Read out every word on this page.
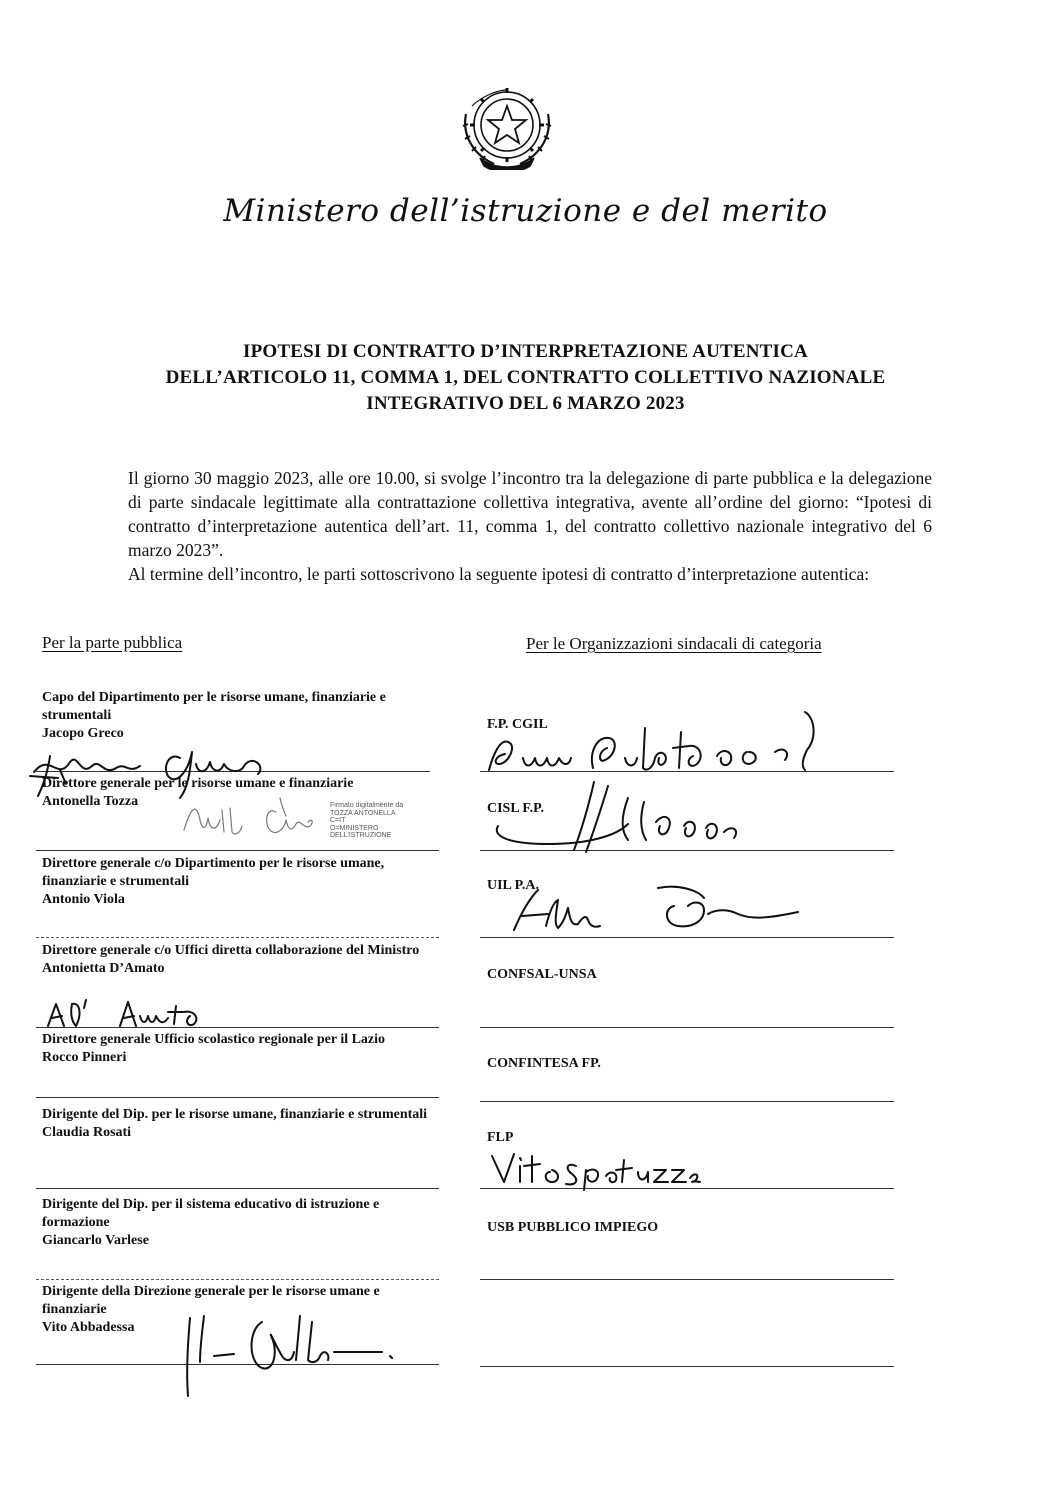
Ministero dell’istruzione e del merito
IPOTESI DI CONTRATTO D’INTERPRETAZIONE AUTENTICA
DELL’ARTICOLO 11, COMMA 1, DEL CONTRATTO COLLETTIVO NAZIONALE
INTEGRATIVO DEL 6 MARZO 2023

Il giorno 30 maggio 2023, alle ore 10.00, si svolge l’incontro tra la delegazione di parte pubblica e la delegazione di parte sindacale legittimate alla contrattazione collettiva integrativa, avente all’ordine del giorno: “Ipotesi di contratto d’interpretazione autentica dell’art. 11, comma 1, del contratto collettivo nazionale integrativo del 6 marzo 2023”.

Al termine dell’incontro, le parti sottoscrivono la seguente ipotesi di contratto d’interpretazione autentica:

Per la parte pubblica	Per le Organizzazioni sindacali di categoria
Capo del Dipartimento per le risorse umane, finanziarie e strumentali
Jacopo Greco
Direttore generale per le risorse umane e finanziarie
Antonella Tozza	Firmato digitalmente da
TOZZA ANTONELLA
C=IT
O=MINISTERO
DELL'ISTRUZIONE
Direttore generale c/o Dipartimento per le risorse umane, finanziarie e strumentali
Antonio Viola
Direttore generale c/o Uffici diretta collaborazione del Ministro
Antonietta D’Amato
Direttore generale Ufficio scolastico regionale per il Lazio
Rocco Pinneri
Dirigente del Dip. per le risorse umane, finanziarie e strumentali
Claudia Rosati
Dirigente del Dip. per il sistema educativo di istruzione e formazione
Giancarlo Varlese
Dirigente della Direzione generale per le risorse umane e finanziarie
Vito Abbadessa
F.P. CGIL
CISL F.P.
UIL P.A.
CONFSAL-UNSA
CONFINTESA FP.
FLP
USB PUBBLICO IMPIEGO
